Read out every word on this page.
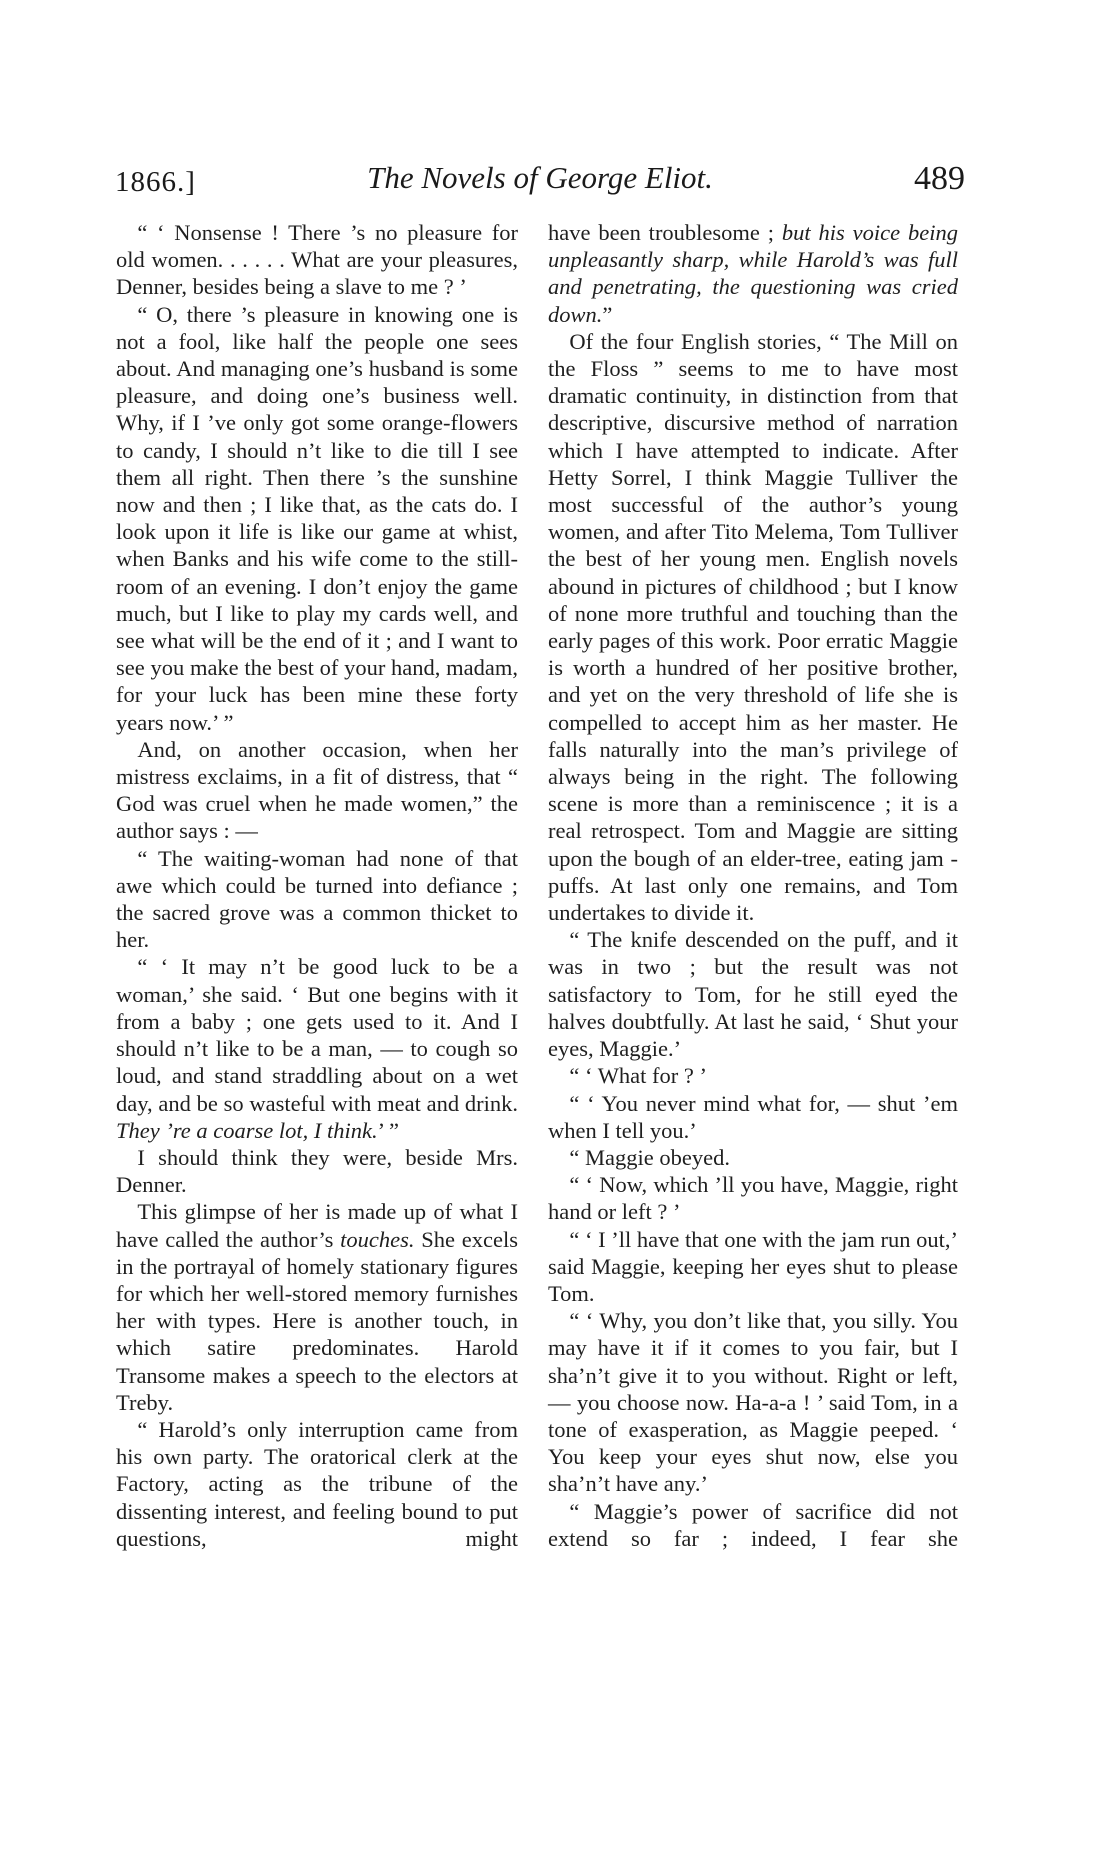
1866.]	The Novels of George Eliot.	489

“ ‘ Nonsense ! There ’s no pleasure for old women. . . . . . What are your pleasures, Denner, besides being a slave to me ? ’

“ O, there ’s pleasure in knowing one is not a fool, like half the people one sees about. And managing one’s husband is some pleasure, and doing one’s business well. Why, if I ’ve only got some orange-flowers to candy, I should n’t like to die till I see them all right. Then there ’s the sunshine now and then ; I like that, as the cats do. I look upon it life is like our game at whist, when Banks and his wife come to the still-room of an evening. I don’t enjoy the game much, but I like to play my cards well, and see what will be the end of it ; and I want to see you make the best of your hand, madam, for your luck has been mine these forty years now.’ ”

And, on another occasion, when her mistress exclaims, in a fit of distress, that “ God was cruel when he made women,” the author says : —

“ The waiting-woman had none of that awe which could be turned into defiance ; the sacred grove was a common thicket to her.

“ ‘ It may n’t be good luck to be a woman,’ she said. ‘ But one begins with it from a baby ; one gets used to it. And I should n’t like to be a man, — to cough so loud, and stand straddling about on a wet day, and be so wasteful with meat and drink. They ’re a coarse lot, I think.’ ”

I should think they were, beside Mrs. Denner.

This glimpse of her is made up of what I have called the author’s touches. She excels in the portrayal of homely stationary figures for which her well-stored memory furnishes her with types. Here is another touch, in which satire predominates. Harold Transome makes a speech to the electors at Treby.

“ Harold’s only interruption came from his own party. The oratorical clerk at the Factory, acting as the tribune of the dissenting interest, and feeling bound to put questions, might

have been troublesome ; but his voice being unpleasantly sharp, while Harold’s was full and penetrating, the questioning was cried down.”

Of the four English stories, “ The Mill on the Floss ” seems to me to have most dramatic continuity, in distinction from that descriptive, discursive method of narration which I have attempted to indicate. After Hetty Sorrel, I think Maggie Tulliver the most successful of the author’s young women, and after Tito Melema, Tom Tulliver the best of her young men. English novels abound in pictures of childhood ; but I know of none more truthful and touching than the early pages of this work. Poor erratic Maggie is worth a hundred of her positive brother, and yet on the very threshold of life she is compelled to accept him as her master. He falls naturally into the man’s privilege of always being in the right. The following scene is more than a reminiscence ; it is a real retrospect. Tom and Maggie are sitting upon the bough of an elder-tree, eating jam - puffs. At last only one remains, and Tom undertakes to divide it.

“ The knife descended on the puff, and it was in two ; but the result was not satisfactory to Tom, for he still eyed the halves doubtfully. At last he said, ‘ Shut your eyes, Maggie.’

“ ‘ What for ? ’

“ ‘ You never mind what for, — shut ’em when I tell you.’

“ Maggie obeyed.

“ ‘ Now, which ’ll you have, Maggie, right hand or left ? ’

“ ‘ I ’ll have that one with the jam run out,’ said Maggie, keeping her eyes shut to please Tom.

“ ‘ Why, you don’t like that, you silly. You may have it if it comes to you fair, but I sha’n’t give it to you without. Right or left, — you choose now. Ha-a-a ! ’ said Tom, in a tone of exasperation, as Maggie peeped. ‘ You keep your eyes shut now, else you sha’n’t have any.’

“ Maggie’s power of sacrifice did not extend so far ; indeed, I fear she
